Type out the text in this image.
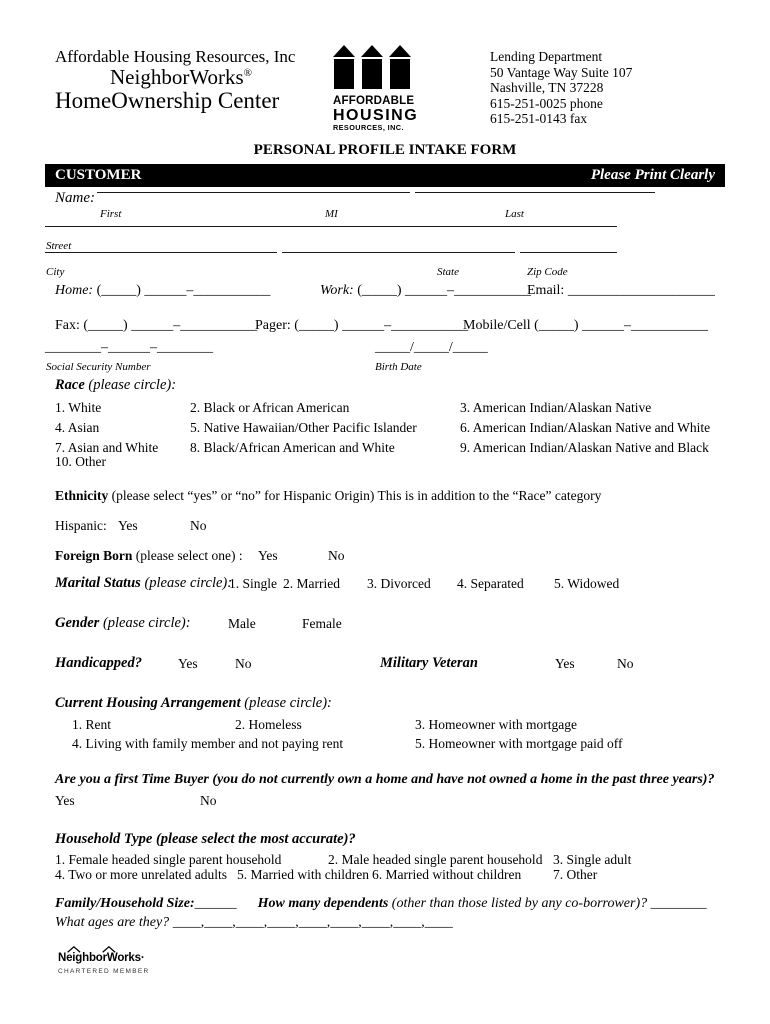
Affordable Housing Resources, Inc
NeighborWorks®
HomeOwnership Center	AFFORDABLE
HOUSING
RESOURCES, INC.
Lending Department
50 Vantage Way Suite 107
Nashville, TN 37228
615-251-0025 phone
615-251-0143 fax
PERSONAL PROFILE INTAKE FORM
CUSTOMER	Please Print Clearly
Name:
First	MI	Last
Street
City	State	Zip Code
Home: (_____) ______–___________	Work: (_____) ______–___________
Email: _____________________
Fax: (_____) ______–___________
Pager: (_____) ______–___________
Mobile/Cell (_____) ______–___________
________–______–________	_____/_____/_____
Social Security Number	Birth Date
Race (please circle):
1. White	2. Black or African American	3. American Indian/Alaskan Native
4. Asian	5. Native Hawaiian/Other Pacific Islander	6. American Indian/Alaskan Native and White
7. Asian and White 8. Black/African American and White	9. American Indian/Alaskan Native and Black
10. Other
Ethnicity (please select “yes” or “no” for Hispanic Origin) This is in addition to the “Race” category
Hispanic: Yes	No
Foreign Born (please select one) : Yes	No
Marital Status (please circle):
1. Single 2. Married 3. Divorced 4. Separated 5. Widowed
Gender (please circle):	Male	Female
Handicapped?	Yes	No	Military Veteran	Yes	No
Current Housing Arrangement (please circle):
1. Rent	2. Homeless	3. Homeowner with mortgage
4. Living with family member and not paying rent	5. Homeowner with mortgage paid off
Are you a first Time Buyer (you do not currently own a home and have not owned a home in the past three years)?
Yes	No
Household Type (please select the most accurate)?
1. Female headed single parent household	2. Male headed single parent household 3. Single adult
4. Two or more unrelated adults 5. Married with children 6. Married without children 7. Other
Family/Household Size:______ How many dependents (other than those listed by any co-borrower)? ________
What ages are they? ____,____,____,____,____,____,____,____,____
NeighborWorks·
CHARTERED MEMBER
